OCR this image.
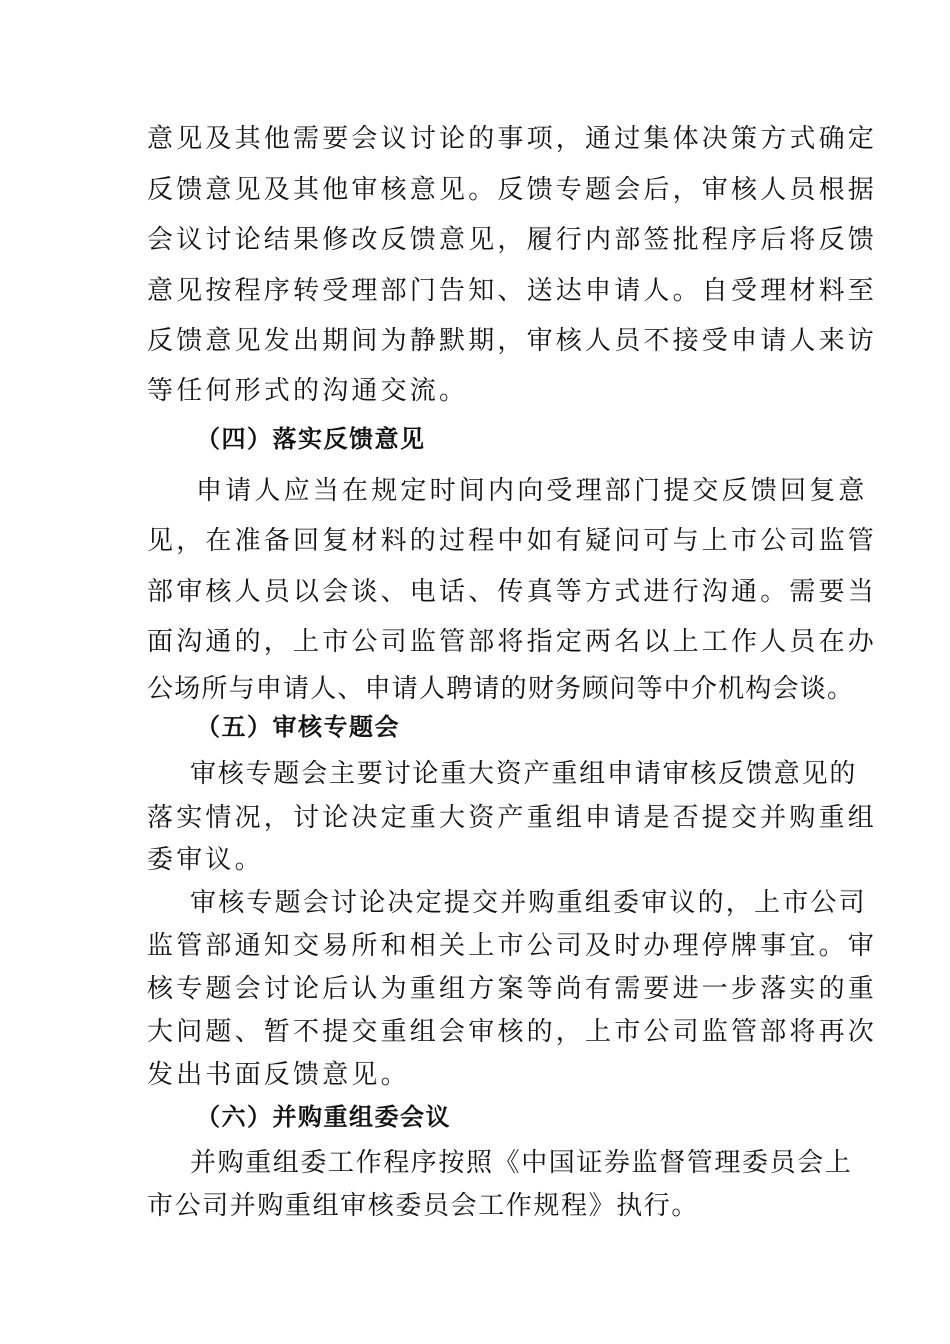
意见及其他需要会议讨论的事项，通过集体决策方式确定
反馈意见及其他审核意见。反馈专题会后，审核人员根据
会议讨论结果修改反馈意见，履行内部签批程序后将反馈
意见按程序转受理部门告知、送达申请人。自受理材料至
反馈意见发出期间为静默期，审核人员不接受申请人来访
等任何形式的沟通交流。
（四）落实反馈意见
申请人应当在规定时间内向受理部门提交反馈回复意
见，在准备回复材料的过程中如有疑问可与上市公司监管
部审核人员以会谈、电话、传真等方式进行沟通。需要当
面沟通的，上市公司监管部将指定两名以上工作人员在办
公场所与申请人、申请人聘请的财务顾问等中介机构会谈。
（五）审核专题会
审核专题会主要讨论重大资产重组申请审核反馈意见的
落实情况，讨论决定重大资产重组申请是否提交并购重组
委审议。
审核专题会讨论决定提交并购重组委审议的，上市公司
监管部通知交易所和相关上市公司及时办理停牌事宜。审
核专题会讨论后认为重组方案等尚有需要进一步落实的重
大问题、暂不提交重组会审核的，上市公司监管部将再次
发出书面反馈意见。
（六）并购重组委会议
并购重组委工作程序按照《中国证券监督管理委员会上
市公司并购重组审核委员会工作规程》执行。
